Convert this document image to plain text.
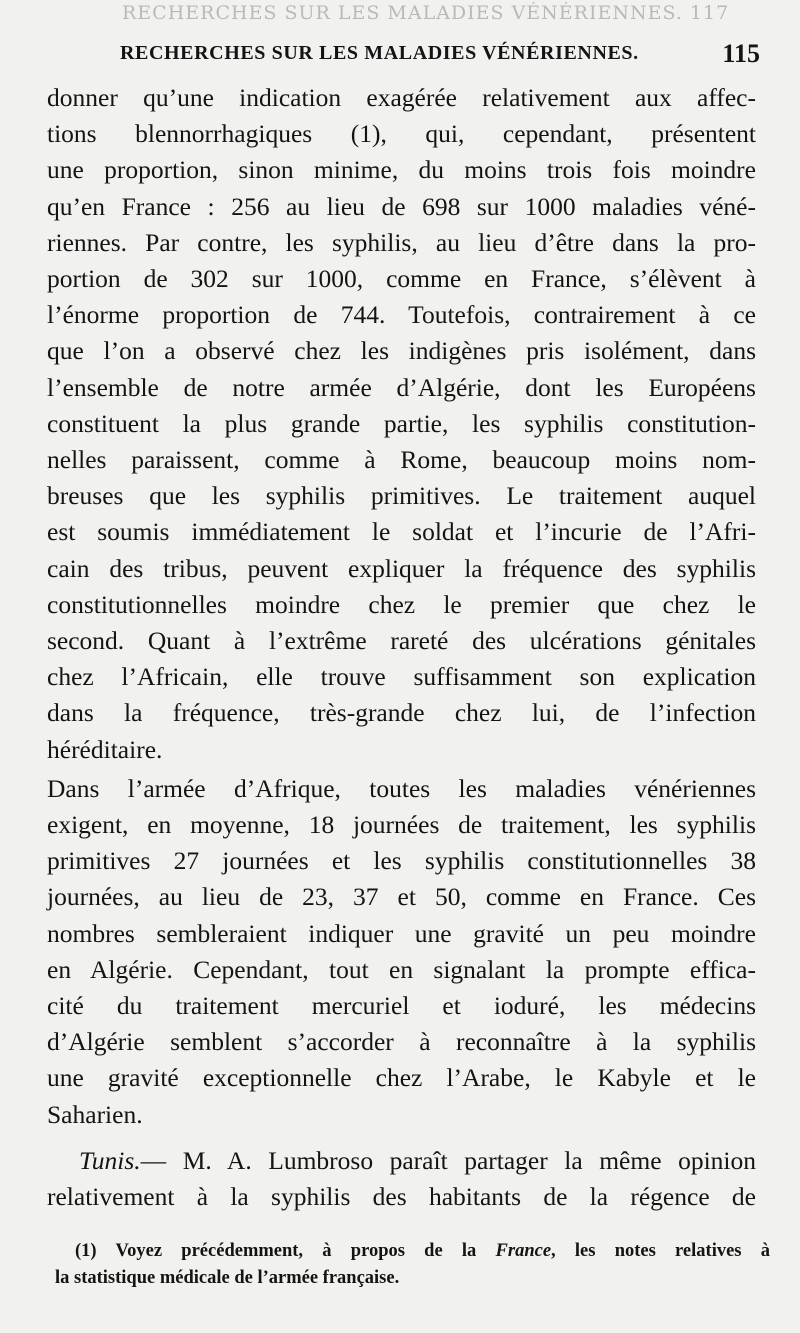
RECHERCHES SUR LES MALADIES VÉNÉRIENNES. 117
RECHERCHES SUR LES MALADIES VÉNÉRIENNES.	115

donner qu’une indication exagérée relativement aux affec-
tions blennorrhagiques (1), qui, cependant, présentent
une proportion, sinon minime, du moins trois fois moindre
qu’en France : 256 au lieu de 698 sur 1000 maladies véné-
riennes. Par contre, les syphilis, au lieu d’être dans la pro-
portion de 302 sur 1000, comme en France, s’élèvent à
l’énorme proportion de 744. Toutefois, contrairement à ce
que l’on a observé chez les indigènes pris isolément, dans
l’ensemble de notre armée d’Algérie, dont les Européens
constituent la plus grande partie, les syphilis constitution-
nelles paraissent, comme à Rome, beaucoup moins nom-
breuses que les syphilis primitives. Le traitement auquel
est soumis immédiatement le soldat et l’incurie de l’Afri-
cain des tribus, peuvent expliquer la fréquence des syphilis
constitutionnelles moindre chez le premier que chez le
second. Quant à l’extrême rareté des ulcérations génitales
chez l’Africain, elle trouve suffisamment son explication
dans la fréquence, très-grande chez lui, de l’infection
héréditaire.

Dans l’armée d’Afrique, toutes les maladies vénériennes
exigent, en moyenne, 18 journées de traitement, les syphilis
primitives 27 journées et les syphilis constitutionnelles 38
journées, au lieu de 23, 37 et 50, comme en France. Ces
nombres sembleraient indiquer une gravité un peu moindre
en Algérie. Cependant, tout en signalant la prompte effica-
cité du traitement mercuriel et ioduré, les médecins
d’Algérie semblent s’accorder à reconnaître à la syphilis
une gravité exceptionnelle chez l’Arabe, le Kabyle et le
Saharien.

Tunis.— M. A. Lumbroso paraît partager la même opinion
relativement à la syphilis des habitants de la régence de

(1) Voyez précédemment, à propos de la France, les notes relatives à
la statistique médicale de l’armée française.
